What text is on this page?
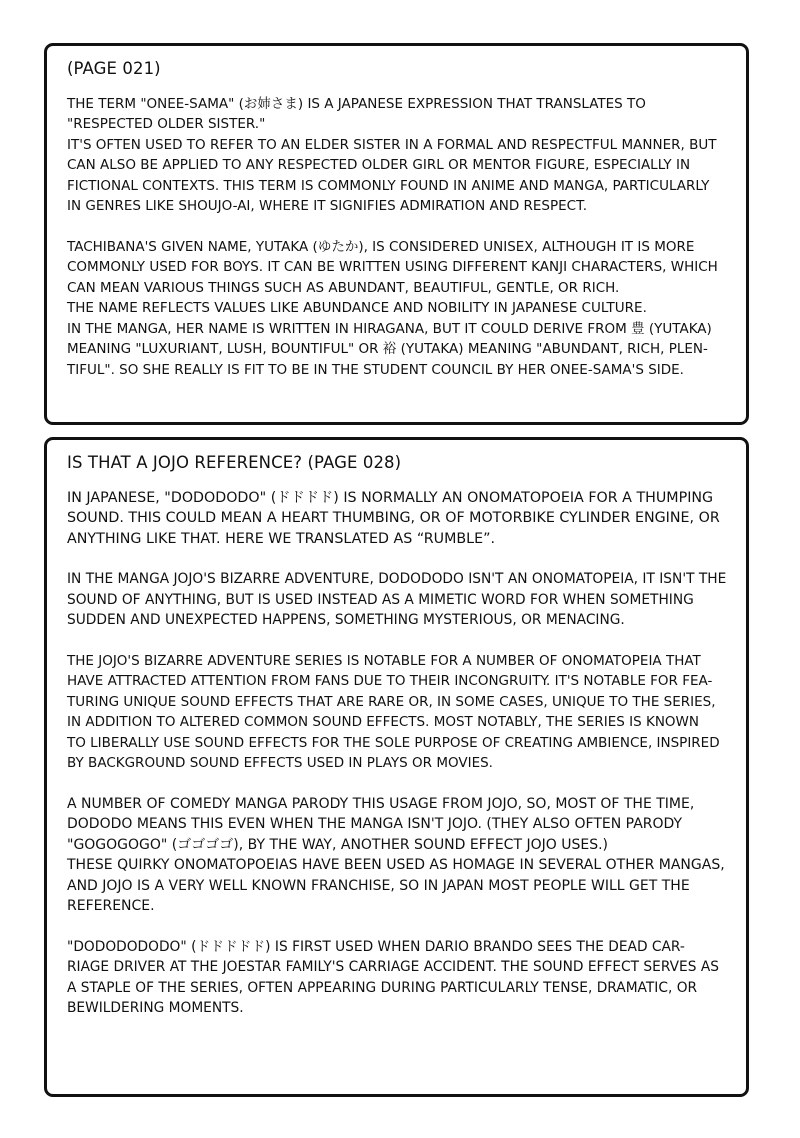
(PAGE 021)
THE TERM "ONEE-SAMA" (お姉さま) IS A JAPANESE EXPRESSION THAT TRANSLATES TO
"RESPECTED OLDER SISTER."
IT'S OFTEN USED TO REFER TO AN ELDER SISTER IN A FORMAL AND RESPECTFUL MANNER, BUT
CAN ALSO BE APPLIED TO ANY RESPECTED OLDER GIRL OR MENTOR FIGURE, ESPECIALLY IN
FICTIONAL CONTEXTS. THIS TERM IS COMMONLY FOUND IN ANIME AND MANGA, PARTICULARLY
IN GENRES LIKE SHOUJO-AI, WHERE IT SIGNIFIES ADMIRATION AND RESPECT.
TACHIBANA'S GIVEN NAME, YUTAKA (ゆたか), IS CONSIDERED UNISEX, ALTHOUGH IT IS MORE
COMMONLY USED FOR BOYS. IT CAN BE WRITTEN USING DIFFERENT KANJI CHARACTERS, WHICH
CAN MEAN VARIOUS THINGS SUCH AS ABUNDANT, BEAUTIFUL, GENTLE, OR RICH.
THE NAME REFLECTS VALUES LIKE ABUNDANCE AND NOBILITY IN JAPANESE CULTURE.
IN THE MANGA, HER NAME IS WRITTEN IN HIRAGANA, BUT IT COULD DERIVE FROM 豊 (YUTAKA)
MEANING "LUXURIANT, LUSH, BOUNTIFUL" OR 裕 (YUTAKA) MEANING "ABUNDANT, RICH, PLEN-
TIFUL". SO SHE REALLY IS FIT TO BE IN THE STUDENT COUNCIL BY HER ONEE-SAMA'S SIDE.
IS THAT A JOJO REFERENCE? (PAGE 028)
IN JAPANESE, "DODODODO" (ドドドド) IS NORMALLY AN ONOMATOPOEIA FOR A THUMPING
SOUND. THIS COULD MEAN A HEART THUMBING, OR OF MOTORBIKE CYLINDER ENGINE, OR
ANYTHING LIKE THAT. HERE WE TRANSLATED AS “RUMBLE”.
IN THE MANGA JOJO'S BIZARRE ADVENTURE, DODODODO ISN'T AN ONOMATOPEIA, IT ISN'T THE
SOUND OF ANYTHING, BUT IS USED INSTEAD AS A MIMETIC WORD FOR WHEN SOMETHING
SUDDEN AND UNEXPECTED HAPPENS, SOMETHING MYSTERIOUS, OR MENACING.
THE JOJO'S BIZARRE ADVENTURE SERIES IS NOTABLE FOR A NUMBER OF ONOMATOPEIA THAT
HAVE ATTRACTED ATTENTION FROM FANS DUE TO THEIR INCONGRUITY. IT'S NOTABLE FOR FEA-
TURING UNIQUE SOUND EFFECTS THAT ARE RARE OR, IN SOME CASES, UNIQUE TO THE SERIES,
IN ADDITION TO ALTERED COMMON SOUND EFFECTS. MOST NOTABLY, THE SERIES IS KNOWN
TO LIBERALLY USE SOUND EFFECTS FOR THE SOLE PURPOSE OF CREATING AMBIENCE, INSPIRED
BY BACKGROUND SOUND EFFECTS USED IN PLAYS OR MOVIES.
A NUMBER OF COMEDY MANGA PARODY THIS USAGE FROM JOJO, SO, MOST OF THE TIME,
DODODO MEANS THIS EVEN WHEN THE MANGA ISN'T JOJO. (THEY ALSO OFTEN PARODY
"GOGOGOGO" (ゴゴゴゴ), BY THE WAY, ANOTHER SOUND EFFECT JOJO USES.)
THESE QUIRKY ONOMATOPOEIAS HAVE BEEN USED AS HOMAGE IN SEVERAL OTHER MANGAS,
AND JOJO IS A VERY WELL KNOWN FRANCHISE, SO IN JAPAN MOST PEOPLE WILL GET THE
REFERENCE.
"DODODODODO" (ドドドドド) IS FIRST USED WHEN DARIO BRANDO SEES THE DEAD CAR-
RIAGE DRIVER AT THE JOESTAR FAMILY'S CARRIAGE ACCIDENT. THE SOUND EFFECT SERVES AS
A STAPLE OF THE SERIES, OFTEN APPEARING DURING PARTICULARLY TENSE, DRAMATIC, OR
BEWILDERING MOMENTS.
